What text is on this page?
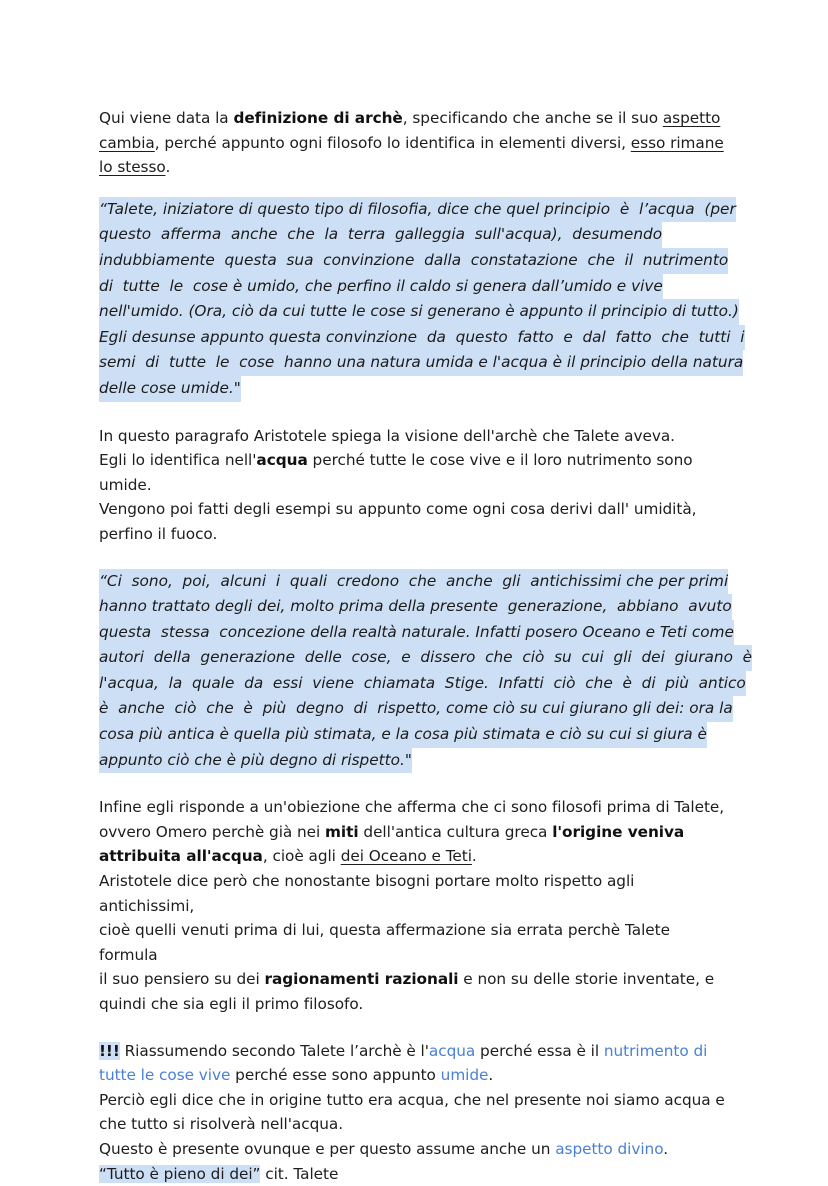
Qui viene data la definizione di archè, specificando che anche se il suo aspetto cambia, perché appunto ogni filosofo lo identifica in elementi diversi, esso rimane lo stesso.

“Talete, iniziatore di questo tipo di filosofia, dice che quel principio  è  l’acqua  (per
questo  afferma  anche  che  la  terra  galleggia  sull'acqua),  desumendo
indubbiamente  questa  sua  convinzione  dalla  constatazione  che  il  nutrimento
di  tutte  le  cose è umido, che perfino il caldo si genera dall’umido e vive
nell'umido. (Ora, ciò da cui tutte le cose si generano è appunto il principio di tutto.)
Egli desunse appunto questa convinzione  da  questo  fatto  e  dal  fatto  che  tutti  i
semi  di  tutte  le  cose  hanno una natura umida e l'acqua è il principio della natura
delle cose umide."

In questo paragrafo Aristotele spiega la visione dell'archè che Talete aveva.
Egli lo identifica nell'acqua perché tutte le cose vive e il loro nutrimento sono
umide.
Vengono poi fatti degli esempi su appunto come ogni cosa derivi dall' umidità,
perfino il fuoco.

“Ci  sono,  poi,  alcuni  i  quali  credono  che  anche  gli  antichissimi che per primi
hanno trattato degli dei, molto prima della presente  generazione,  abbiano  avuto
questa  stessa  concezione della realtà naturale. Infatti posero Oceano e Teti come
autori  della  generazione  delle  cose,  e  dissero  che  ciò  su  cui  gli  dei  giurano  è
l'acqua,  la  quale  da  essi  viene  chiamata  Stige.  Infatti  ciò  che  è  di  più  antico
è  anche  ciò  che  è  più  degno  di  rispetto, come ciò su cui giurano gli dei: ora la
cosa più antica è quella più stimata, e la cosa più stimata e ciò su cui si giura è
appunto ciò che è più degno di rispetto."

Infine egli risponde a un'obiezione che afferma che ci sono filosofi prima di Talete,
ovvero Omero perchè già nei miti dell'antica cultura greca l'origine veniva attribuita all'acqua, cioè agli dei Oceano e Teti.
Aristotele dice però che nonostante bisogni portare molto rispetto agli antichissimi,
cioè quelli venuti prima di lui, questa affermazione sia errata perchè Talete formula
il suo pensiero su dei ragionamenti razionali e non su delle storie inventate, e
quindi che sia egli il primo filosofo.

!!! Riassumendo secondo Talete l’archè è l'acqua perché essa è il nutrimento di tutte le cose vive perché esse sono appunto umide.
Perciò egli dice che in origine tutto era acqua, che nel presente noi siamo acqua e
che tutto si risolverà nell'acqua.
Questo è presente ovunque e per questo assume anche un aspetto divino.
“Tutto è pieno di dei” cit. Talete
